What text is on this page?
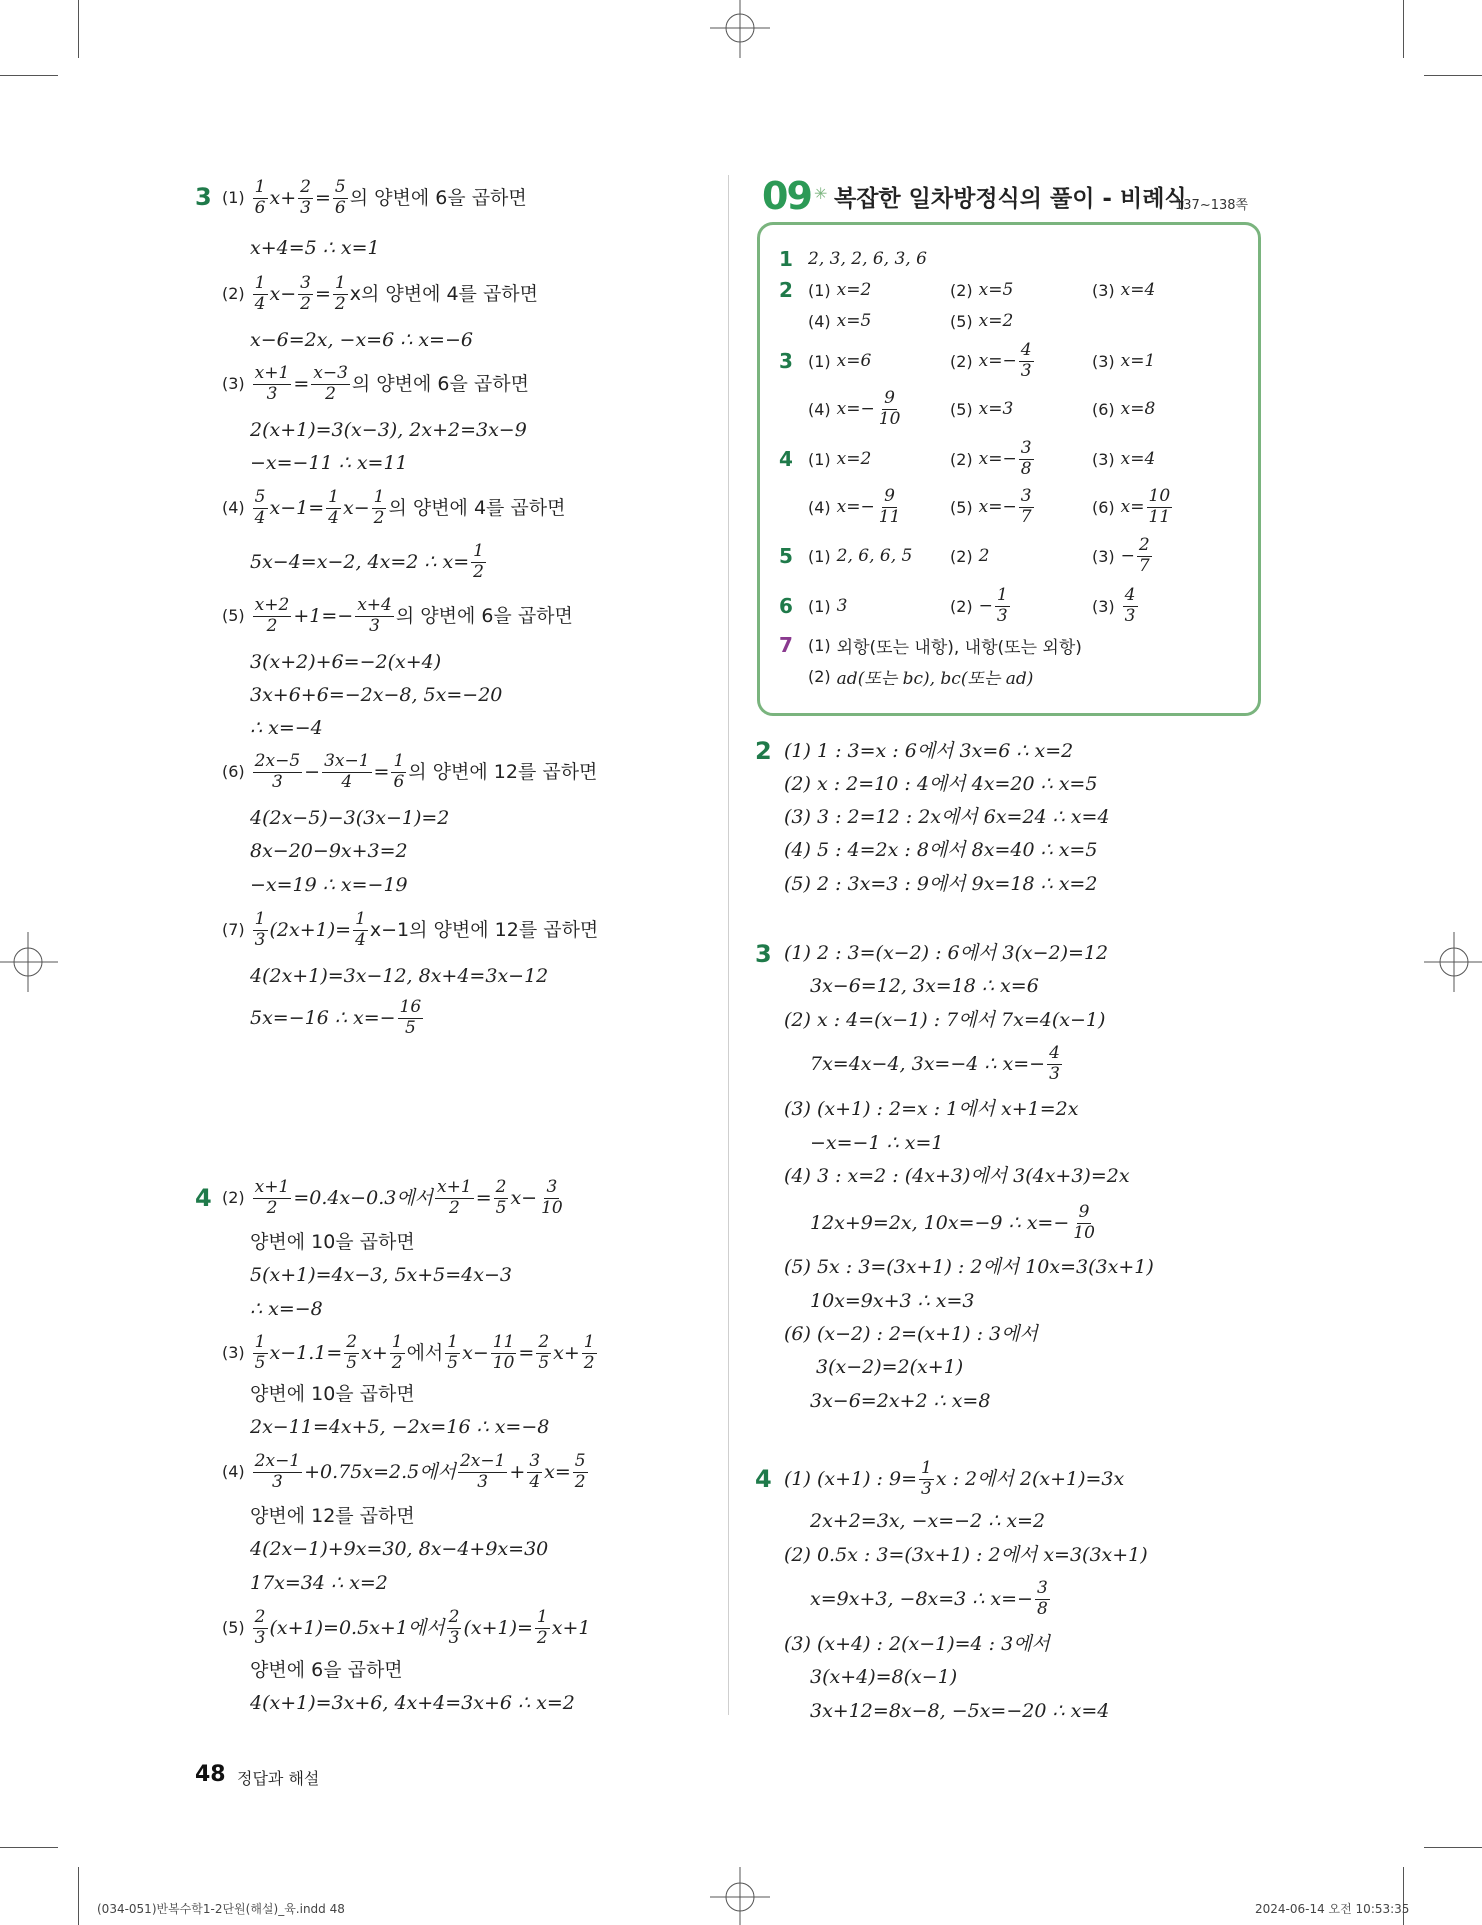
3 $(1) \frac{1}{6} x+ \frac{2}{3} = \frac{5}{6}$ 의 양변에 6을 곱하면
x+4=5 ∴ x=1
$(2) \frac{1}{4} x- \frac{3}{2} = \frac{1}{2}$ x의 양변에 4를 곱하면
x−6=2x, −x=6 ∴ x=−6
$(3) \frac{x+1}{3} = \frac{x-3}{2}$ 의 양변에 6을 곱하면
2(x+1)=3(x−3), 2x+2=3x−9
−x=−11 ∴ x=11
$(4) \frac{5}{4} x-1= \frac{1}{4} x- \frac{1}{2}$ 의 양변에 4를 곱하면
5x−4=x−2, 4x=2 ∴ $x= \frac{1}{2}$
$(5) \frac{x+2}{2} +1=- \frac{x+4}{3}$ 의 양변에 6을 곱하면
3(x+2)+6=−2(x+4)
3x+6+6=−2x−8, 5x=−20
∴ x=−4
$(6) \frac{2x-5}{3} - \frac{3x-1}{4} = \frac{1}{6}$ 의 양변에 12를 곱하면
4(2x−5)−3(3x−1)=2
8x−20−9x+3=2
−x=19 ∴ x=−19
$(7) \frac{1}{3} (2x+1)= \frac{1}{4} x-1$의 양변에 12를 곱하면
4(2x+1)=3x−12, 8x+4=3x−12
5x=−16 ∴ $x=- \frac{16}{5}$
4 $(2) \frac{x+1}{2} =0.4x-0.3$에서 $\frac{x+1}{2} = \frac{2}{5} x- \frac{3}{10}$
양변에 10을 곱하면
5(x+1)=4x−3, 5x+5=4x−3
∴ x=−8
$(3) \frac{1}{5} x-1.1= \frac{2}{5} x+ \frac{1}{2}$ 에서 $\frac{1}{5} x- \frac{11}{10} = \frac{2}{5} x+ \frac{1}{2}$
양변에 10을 곱하면
2x−11=4x+5, −2x=16 ∴ x=−8
$(4) \frac{2x-1}{3} +0.75x=2.5$에서 $\frac{2x-1}{3} + \frac{3}{4} x= \frac{5}{2}$
양변에 12를 곱하면
4(2x−1)+9x=30, 8x−4+9x=30
17x=34 ∴ x=2
$(5) \frac{2}{3} (x+1)=0.5x+1$에서 $\frac{2}{3} (x+1)= \frac{1}{2} x+1$
양변에 6을 곱하면
4(x+1)=3x+6, 4x+4=3x+6 ∴ x=2
09 ✳ 복잡한 일차방정식의 풀이 - 비례식
137~138쪽
1 2, 3, 2, 6, 3, 6
2 (1) x=2	(2) x=5	(3) x=4
(4) x=5	(5) x=2
3 (1) x=6	(2) $x=- \frac{4}{3}$	(3) x=1
(4) $x=- \frac{9}{10}$	(5) x=3	(6) x=8
4 (1) x=2	(2) $x=- \frac{3}{8}$	(3) x=4
(4) $x=- \frac{9}{11}$	(5) $x=- \frac{3}{7}$	(6) $x= \frac{10}{11}$
5 (1) 2, 6, 6, 5 (2) 2	$(3) - \frac{2}{7}$
6 (1) 3	$(2) - \frac{1}{3}$	$(3) \frac{4}{3}$
7 (1) 외항(또는 내항), 내항(또는 외항)
(2) ad(또는 bc), bc(또는 ad)
2 (1) 1 : 3=x : 6에서 3x=6 ∴ x=2
(2) x : 2=10 : 4에서 4x=20 ∴ x=5
(3) 3 : 2=12 : 2x에서 6x=24 ∴ x=4
(4) 5 : 4=2x : 8에서 8x=40 ∴ x=5
(5) 2 : 3x=3 : 9에서 9x=18 ∴ x=2
3 (1) 2 : 3=(x−2) : 6에서 3(x−2)=12
3x−6=12, 3x=18 ∴ x=6
(2) x : 4=(x−1) : 7에서 7x=4(x−1)
7x=4x−4, 3x=−4 ∴ $x=- \frac{4}{3}$
(3) (x+1) : 2=x : 1에서 x+1=2x
−x=−1 ∴ x=1
(4) 3 : x=2 : (4x+3)에서 3(4x+3)=2x
12x+9=2x, 10x=−9 ∴ $x=- \frac{9}{10}$
(5) 5x : 3=(3x+1) : 2에서 10x=3(3x+1)
10x=9x+3 ∴ x=3
(6) (x−2) : 2=(x+1) : 3에서
3(x−2)=2(x+1)
3x−6=2x+2 ∴ x=8
4 (1) (x+1) : $9= \frac{1}{3}$ x : 2에서 2(x+1)=3x
2x+2=3x, −x=−2 ∴ x=2
(2) 0.5x : 3=(3x+1) : 2에서 x=3(3x+1)
x=9x+3, −8x=3 ∴ $x=- \frac{3}{8}$
(3) (x+4) : 2(x−1)=4 : 3에서
3(x+4)=8(x−1)
3x+12=8x−8, −5x=−20 ∴ x=4
48 정답과 해설
(034-051)반복수학1-2단원(해설)_육.indd 48	2024-06-14 오전 10:53:35
